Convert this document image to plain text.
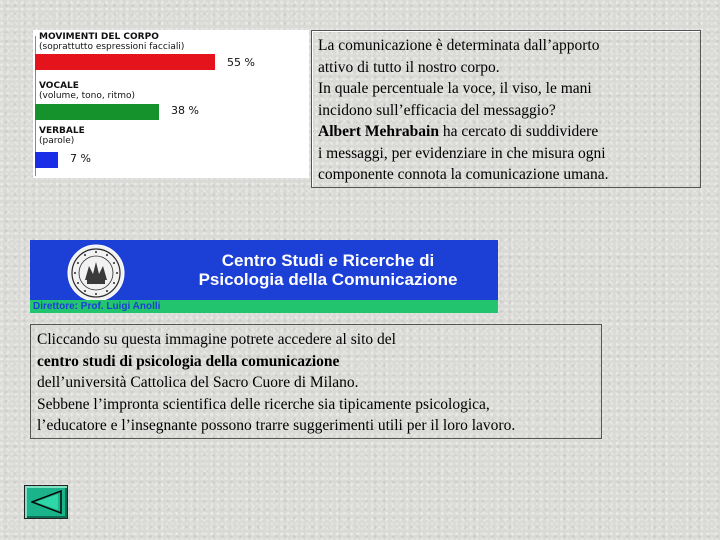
MOVIMENTI DEL CORPO
(soprattutto espressioni facciali)
55 %
VOCALE
(volume, tono, ritmo)
38 %
VERBALE
(parole)
7 %
La comunicazione è determinata dall’apporto
attivo di tutto il nostro corpo.
In quale percentuale la voce, il viso, le mani
incidono sull’efficacia del messaggio?
Albert Mehrabain ha cercato di suddividere
i messaggi, per evidenziare in che misura ogni
componente connota la comunicazione umana.
Centro Studi e Ricerche di
Psicologia della Comunicazione
Direttore: Prof. Luigi Anolli
Cliccando su questa immagine potrete accedere al sito del
centro studi di psicologia della comunicazione
dell’università Cattolica del Sacro Cuore di Milano.
Sebbene l’impronta scientifica delle ricerche sia tipicamente psicologica,
l’educatore e l’insegnante possono trarre suggerimenti utili per il loro lavoro.
